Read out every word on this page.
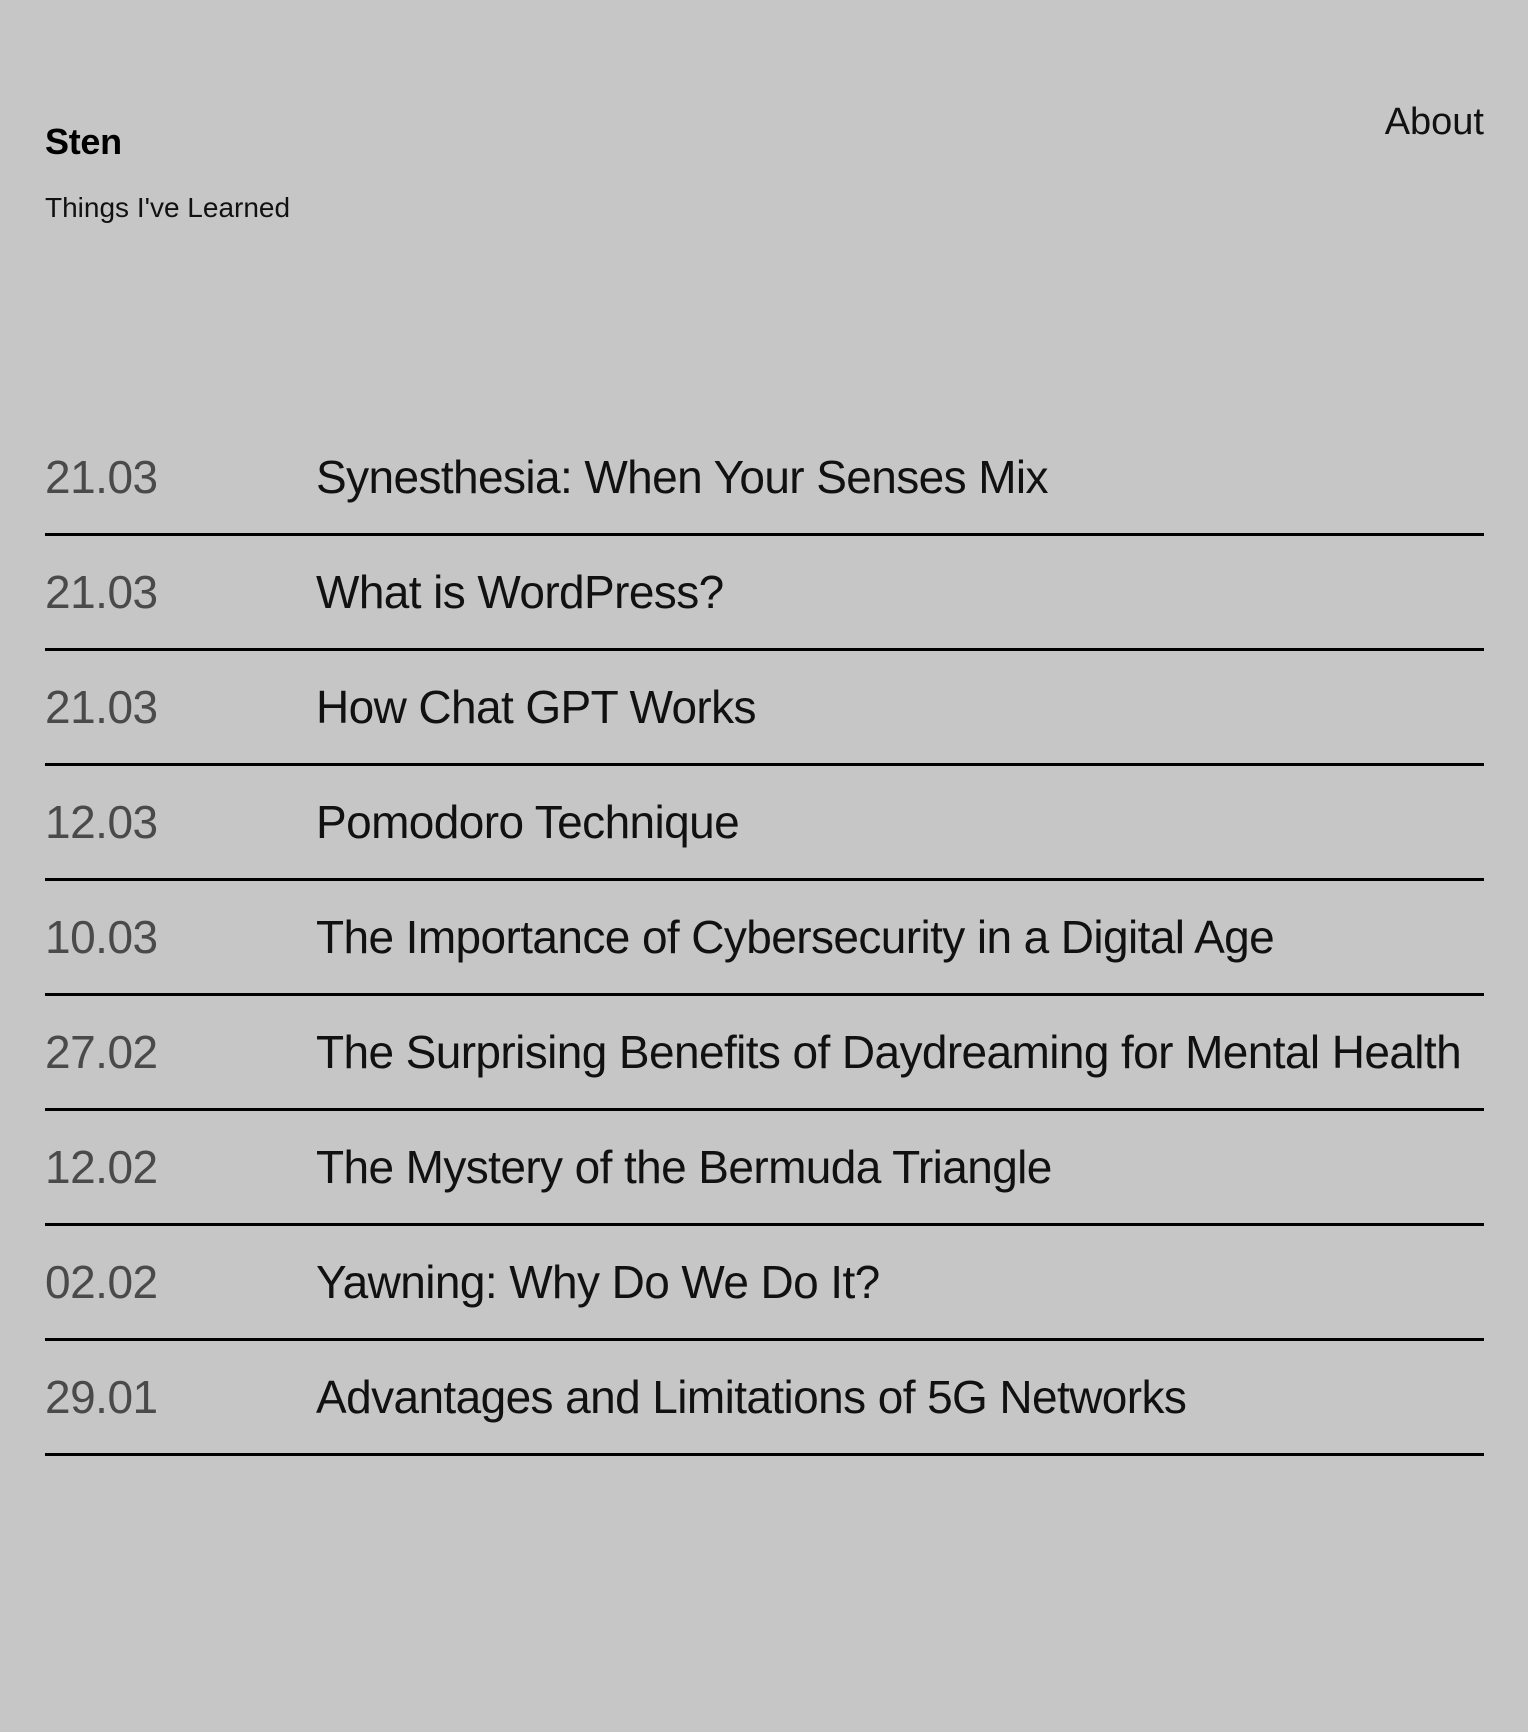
Sten
Things I've Learned
About
21.03	Synesthesia: When Your Senses Mix
21.03	What is WordPress?
21.03	How Chat GPT Works
12.03	Pomodoro Technique
10.03	The Importance of Cybersecurity in a Digital Age
27.02	The Surprising Benefits of Daydreaming for Mental Health
12.02	The Mystery of the Bermuda Triangle
02.02	Yawning: Why Do We Do It?
29.01	Advantages and Limitations of 5G Networks
